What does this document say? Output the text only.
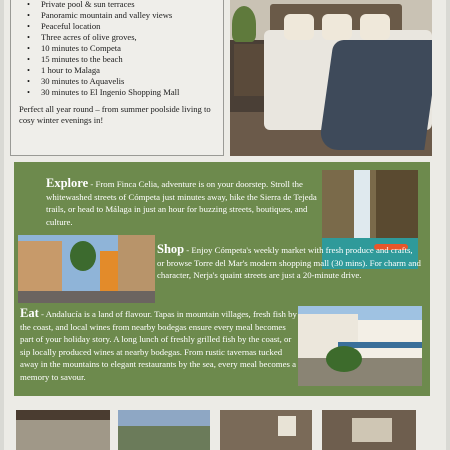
• Private pool & sun terraces
• Panoramic mountain and valley views
• Peaceful location
• Three acres of olive groves,
• 10 minutes to Competa
• 15 minutes to the beach
• 1 hour to Malaga
• 30 minutes to Aquavelis
• 30 minutes to El Ingenio Shopping Mall

Perfect all year round – from summer poolside living to cosy winter evenings in!

Explore - From Finca Celia, adventure is on your doorstep. Stroll the whitewashed streets of Cómpeta just minutes away, hike the Sierra de Tejeda trails, or head to Málaga in just an hour for buzzing streets, boutiques, and culture.
Shop - Enjoy Cómpeta's weekly market with fresh produce and crafts, or browse Torre del Mar's modern shopping mall (30 mins). For charm and character, Nerja's quaint streets are just a 20-minute drive.
Eat - Andalucía is a land of flavour. Tapas in mountain villages, fresh fish by the coast, and local wines from nearby bodegas ensure every meal becomes part of your holiday story. A long lunch of freshly grilled fish by the coast, or sip locally produced wines at nearby bodegas. From rustic tavernas tucked away in the mountains to elegant restaurants by the sea, every meal becomes a memory to savour.
